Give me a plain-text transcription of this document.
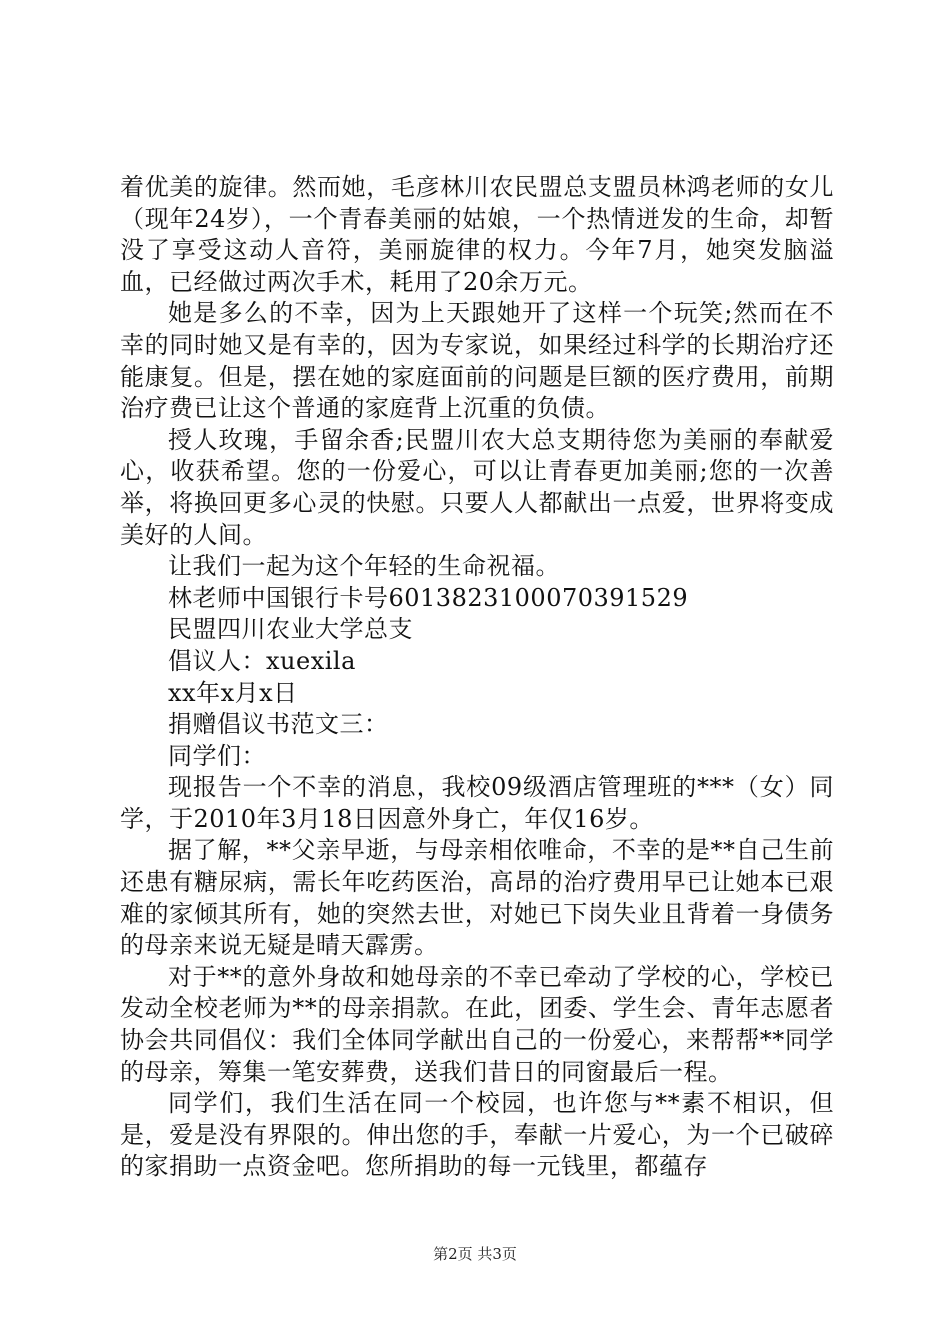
着优美的旋律。然而她，毛彦林川农民盟总支盟员林鸿老师的女儿（现年24岁），一个青春美丽的姑娘，一个热情迸发的生命，却暂没了享受这动人音符，美丽旋律的权力。今年7月，她突发脑溢血，已经做过两次手术，耗用了20余万元。

她是多么的不幸，因为上天跟她开了这样一个玩笑;然而在不幸的同时她又是有幸的，因为专家说，如果经过科学的长期治疗还能康复。但是，摆在她的家庭面前的问题是巨额的医疗费用，前期治疗费已让这个普通的家庭背上沉重的负债。

授人玫瑰，手留余香;民盟川农大总支期待您为美丽的奉献爱心，收获希望。您的一份爱心，可以让青春更加美丽;您的一次善举，将换回更多心灵的快慰。只要人人都献出一点爱，世界将变成美好的人间。

让我们一起为这个年轻的生命祝福。

林老师中国银行卡号6013823100070391529

民盟四川农业大学总支

倡议人：xuexila

xx年x月x日

捐赠倡议书范文三：

同学们：

现报告一个不幸的消息，我校09级酒店管理班的***（女）同学，于2010年3月18日因意外身亡，年仅16岁。

据了解，**父亲早逝，与母亲相依唯命，不幸的是**自己生前还患有糖尿病，需长年吃药医治，高昂的治疗费用早已让她本已艰难的家倾其所有，她的突然去世，对她已下岗失业且背着一身债务的母亲来说无疑是晴天霹雳。

对于**的意外身故和她母亲的不幸已牵动了学校的心，学校已发动全校老师为**的母亲捐款。在此，团委、学生会、青年志愿者协会共同倡仪：我们全体同学献出自己的一份爱心，来帮帮**同学的母亲，筹集一笔安葬费，送我们昔日的同窗最后一程。

同学们，我们生活在同一个校园，也许您与**素不相识，但是，爱是没有界限的。伸出您的手，奉献一片爱心，为一个已破碎的家捐助一点资金吧。您所捐助的每一元钱里，都蕴存

第2页 共3页
